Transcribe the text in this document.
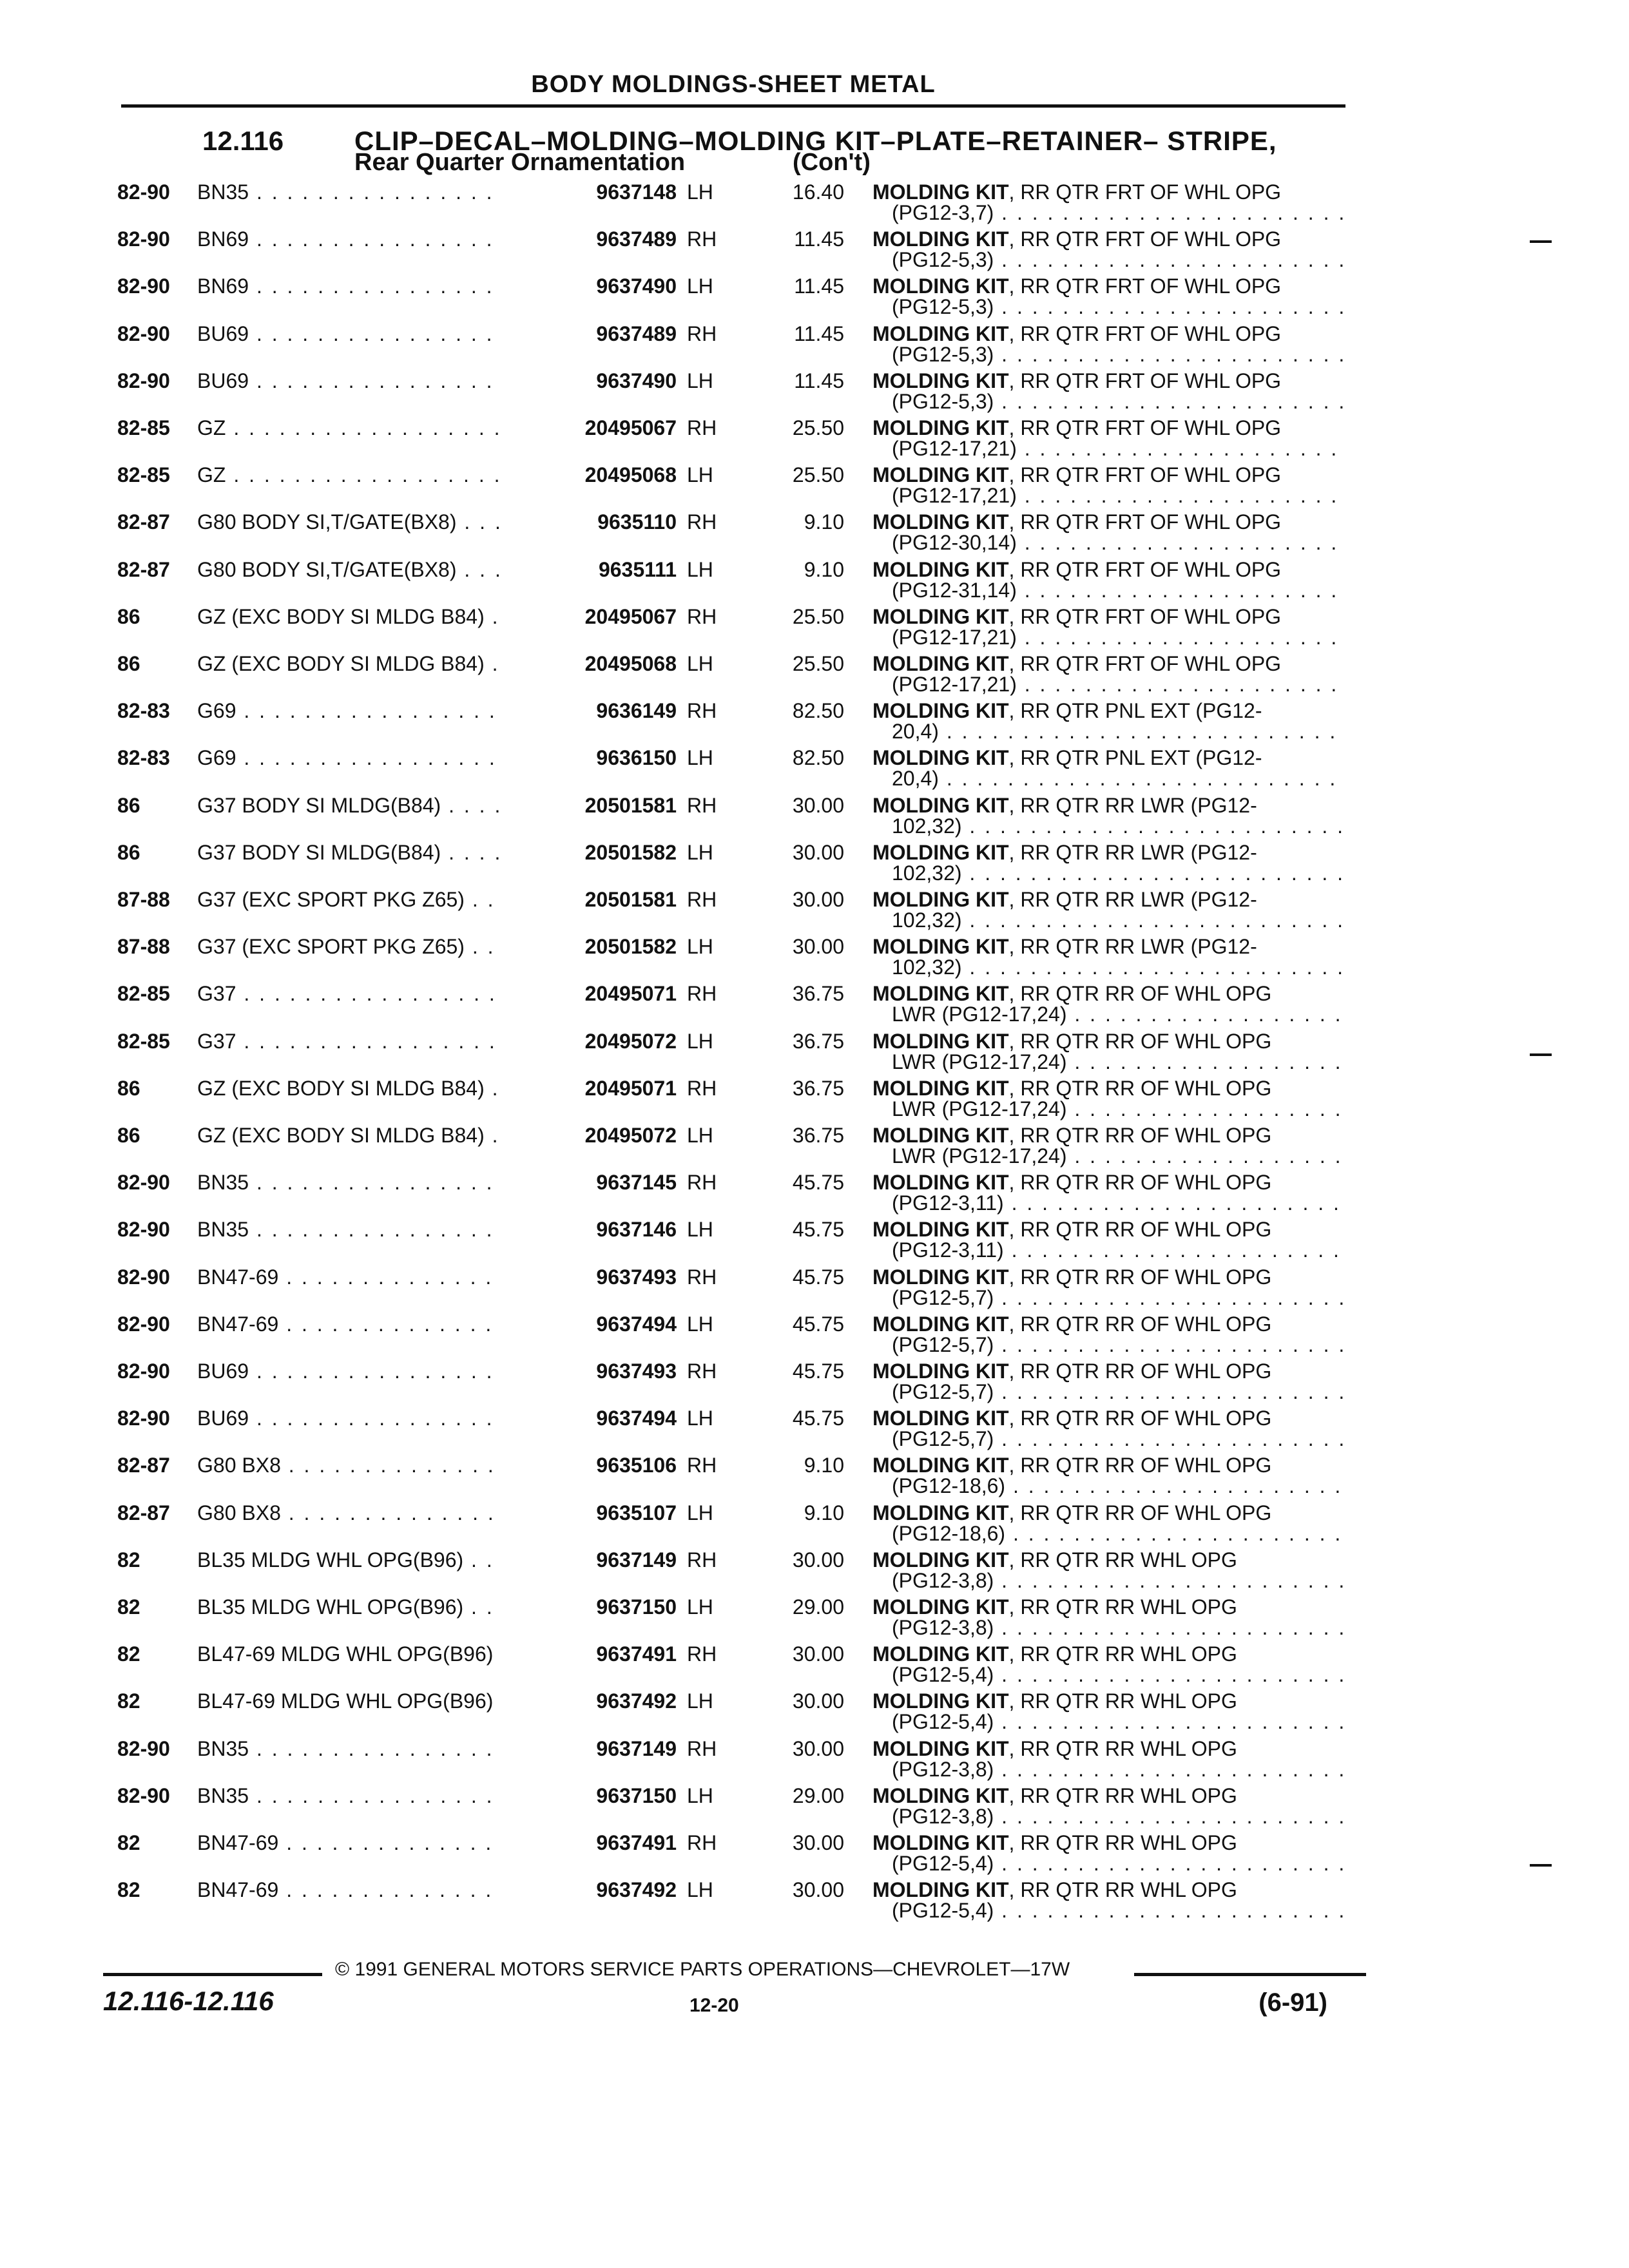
BODY MOLDINGS-SHEET METAL
12.116	CLIP–DECAL–MOLDING–MOLDING KIT–PLATE–RETAINER– STRIPE,
Rear Quarter Ornamentation	(Con't)
82-90 BN35 . . .	9637148 LH	16.40 MOLDING KIT, RR QTR FRT OF WHL OPG
(PG12-3,7) . . .
82-90 BN69 . . .	9637489 RH	11.45 MOLDING KIT, RR QTR FRT OF WHL OPG
(PG12-5,3) . . .
82-90 BN69 . . .	9637490 LH	11.45 MOLDING KIT, RR QTR FRT OF WHL OPG
(PG12-5,3) . . .
82-90 BU69 . . .	9637489 RH	11.45 MOLDING KIT, RR QTR FRT OF WHL OPG
(PG12-5,3) . . .
82-90 BU69 . . .	9637490 LH	11.45 MOLDING KIT, RR QTR FRT OF WHL OPG
(PG12-5,3) . . .
82-85 GZ . . .	20495067 RH	25.50 MOLDING KIT, RR QTR FRT OF WHL OPG
(PG12-17,21) . . .
82-85 GZ . . .	20495068 LH	25.50 MOLDING KIT, RR QTR FRT OF WHL OPG
(PG12-17,21) . . .
82-87 G80 BODY SI,T/GATE(BX8) . . .	9635110 RH	9.10 MOLDING KIT, RR QTR FRT OF WHL OPG
(PG12-30,14) . . .
82-87 G80 BODY SI,T/GATE(BX8) . . .	9635111 LH	9.10 MOLDING KIT, RR QTR FRT OF WHL OPG
(PG12-31,14) . . .
86	GZ (EXC BODY SI MLDG B84) . . .	20495067 RH	25.50 MOLDING KIT, RR QTR FRT OF WHL OPG
(PG12-17,21) . . .
86	GZ (EXC BODY SI MLDG B84) . . .	20495068 LH	25.50 MOLDING KIT, RR QTR FRT OF WHL OPG
(PG12-17,21) . . .
82-83 G69 . . .	9636149 RH	82.50 MOLDING KIT, RR QTR PNL EXT (PG12-
20,4) . . .
82-83 G69 . . .	9636150 LH	82.50 MOLDING KIT, RR QTR PNL EXT (PG12-
20,4) . . .
86	G37 BODY SI MLDG(B84) . . .	20501581 RH	30.00 MOLDING KIT, RR QTR RR LWR (PG12-
102,32) . . .
86	G37 BODY SI MLDG(B84) . . .	20501582 LH	30.00 MOLDING KIT, RR QTR RR LWR (PG12-
102,32) . . .
87-88 G37 (EXC SPORT PKG Z65) . . .	20501581 RH	30.00 MOLDING KIT, RR QTR RR LWR (PG12-
102,32) . . .
87-88 G37 (EXC SPORT PKG Z65) . . .	20501582 LH	30.00 MOLDING KIT, RR QTR RR LWR (PG12-
102,32) . . .
82-85 G37 . . .	20495071 RH	36.75 MOLDING KIT, RR QTR RR OF WHL OPG
LWR (PG12-17,24) . . .
82-85 G37 . . .	20495072 LH	36.75 MOLDING KIT, RR QTR RR OF WHL OPG
LWR (PG12-17,24) . . .
86	GZ (EXC BODY SI MLDG B84) . . .	20495071 RH	36.75 MOLDING KIT, RR QTR RR OF WHL OPG
LWR (PG12-17,24) . . .
86	GZ (EXC BODY SI MLDG B84) . . .	20495072 LH	36.75 MOLDING KIT, RR QTR RR OF WHL OPG
LWR (PG12-17,24) . . .
82-90 BN35 . . .	9637145 RH	45.75 MOLDING KIT, RR QTR RR OF WHL OPG
(PG12-3,11) . . .
82-90 BN35 . . .	9637146 LH	45.75 MOLDING KIT, RR QTR RR OF WHL OPG
(PG12-3,11) . . .
82-90 BN47-69 . . .	9637493 RH	45.75 MOLDING KIT, RR QTR RR OF WHL OPG
(PG12-5,7) . . .
82-90 BN47-69 . . .	9637494 LH	45.75 MOLDING KIT, RR QTR RR OF WHL OPG
(PG12-5,7) . . .
82-90 BU69 . . .	9637493 RH	45.75 MOLDING KIT, RR QTR RR OF WHL OPG
(PG12-5,7) . . .
82-90 BU69 . . .	9637494 LH	45.75 MOLDING KIT, RR QTR RR OF WHL OPG
(PG12-5,7) . . .
82-87 G80 BX8 . . .	9635106 RH	9.10 MOLDING KIT, RR QTR RR OF WHL OPG
(PG12-18,6) . . .
82-87 G80 BX8 . . .	9635107 LH	9.10 MOLDING KIT, RR QTR RR OF WHL OPG
(PG12-18,6) . . .
82	BL35 MLDG WHL OPG(B96) . . .	9637149 RH	30.00 MOLDING KIT, RR QTR RR WHL OPG
(PG12-3,8) . . .
82	BL35 MLDG WHL OPG(B96) . . .	9637150 LH	29.00 MOLDING KIT, RR QTR RR WHL OPG
(PG12-3,8) . . .
82	BL47-69 MLDG WHL OPG(B96) . . .	9637491 RH	30.00 MOLDING KIT, RR QTR RR WHL OPG
(PG12-5,4) . . .
82	BL47-69 MLDG WHL OPG(B96) . . .	9637492 LH	30.00 MOLDING KIT, RR QTR RR WHL OPG
(PG12-5,4) . . .
82-90 BN35 . . .	9637149 RH	30.00 MOLDING KIT, RR QTR RR WHL OPG
(PG12-3,8) . . .
82-90 BN35 . . .	9637150 LH	29.00 MOLDING KIT, RR QTR RR WHL OPG
(PG12-3,8) . . .
82	BN47-69 . . .	9637491 RH	30.00 MOLDING KIT, RR QTR RR WHL OPG
(PG12-5,4) . . .
82	BN47-69 . . .	9637492 LH	30.00 MOLDING KIT, RR QTR RR WHL OPG
(PG12-5,4) . . .
© 1991 GENERAL MOTORS SERVICE PARTS OPERATIONS—CHEVROLET—17W
12.116-12.116	12-20	(6-91)
